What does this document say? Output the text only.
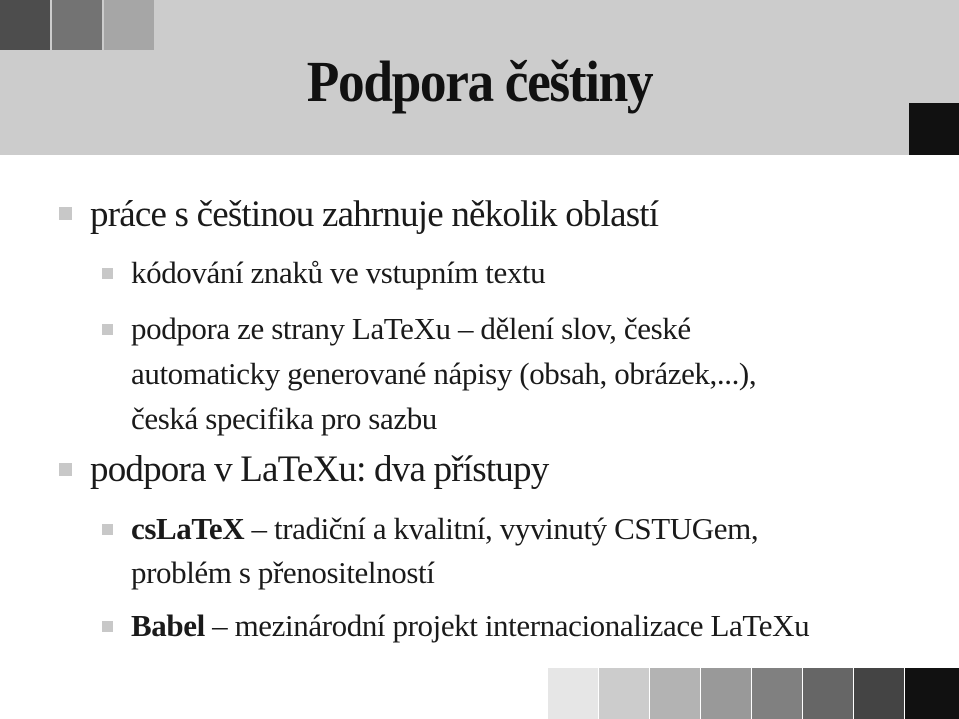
Podpora češtiny
práce s češtinou zahrnuje několik oblastí
kódování znaků ve vstupním textu
podpora ze strany LaTeXu – dělení slov, české
automaticky generované nápisy (obsah, obrázek,...),
česká specifika pro sazbu
podpora v LaTeXu: dva přístupy
csLaTeX – tradiční a kvalitní, vyvinutý CSTUGem,
problém s přenositelností
Babel – mezinárodní projekt internacionalizace LaTeXu
